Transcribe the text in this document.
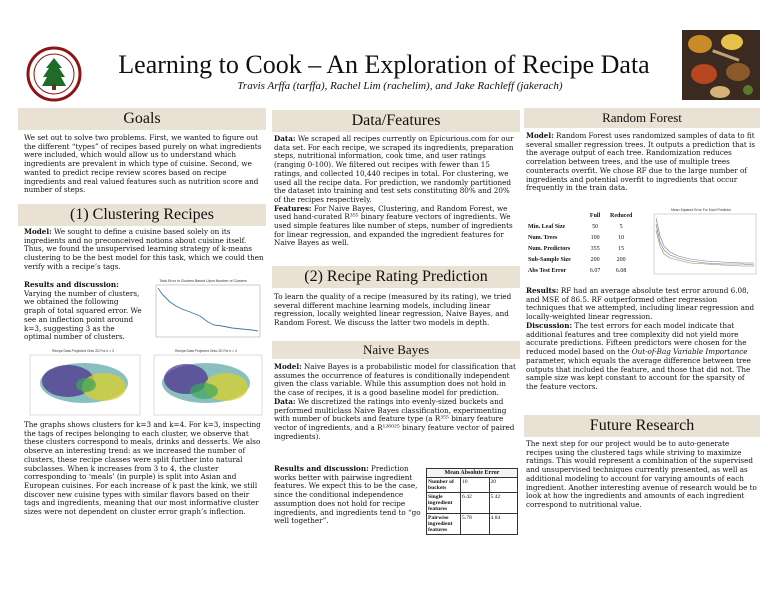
Learning to Cook – An Exploration of Recipe Data
Travis Arffa (tarffa), Rachel Lim (rachelim), and Jake Rachleff (jakerach)
Goals
We set out to solve two problems. First, we wanted to figure out the different “types” of recipes based purely on what ingredients were included, which would allow us to understand which ingredients are prevalent in which type of cuisine. Second, we wanted to predict recipe review scores based on recipe ingredients and real valued features such as nutrition score and number of steps.
(1) Clustering Recipes
Model: We sought to define a cuisine based solely on its ingredients and no preconceived notions about cuisine itself. Thus, we found the unsupervised learning strategy of k-means clustering to be the best model for this task, which we could then verify with a recipe’s tags.
Results and discussion:
Varying the number of clusters, we obtained the following graph of total squared error. We see an inflection point around k=3, suggesting 3 as the optimal number of clusters.
Total Error in Clusters Based Upon Number of Clusters
Recipe Data Projected Onto 2D For k = 3	Recipe Data Projected Onto 2D For k = 4
The graphs shows clusters for k=3 and k=4. For k=3, inspecting the tags of recipes belonging to each cluster, we observe that these clusters correspond to meals, drinks and desserts. We also observe an interesting trend: as we increased the number of clusters, these recipe classes were split further into natural subclasses. When k increases from 3 to 4, the cluster corresponding to ‘meals’ (in purple) is split into Asian and European cuisines. For each increase of k past the kink, we still discover new cuisine types with similar flavors based on their tags and ingredients, meaning that our most informative cluster sizes were not dependent on cluster error graph’s inflection.
Data/Features
Data: We scraped all recipes currently on Epicurious.com for our data set. For each recipe, we scraped its ingredients, preparation steps, nutritional information, cook time, and user ratings (ranging 0-100). We filtered out recipes with fewer than 15 ratings, and collected 10,440 recipes in total. For clustering, we used all the recipe data. For prediction, we randomly partitioned the dataset into training and test sets constituting 80% and 20% of the recipes respectively.
Features: For Naive Bayes, Clustering, and Random Forest, we used hand-curated R³⁵⁵ binary feature vectors of ingredients. We used simple features like number of steps, number of ingredients for linear regression, and expanded the ingredient features for Naive Bayes as well.
(2) Recipe Rating Prediction
To learn the quality of a recipe (measured by its rating), we tried several different machine learning models, including linear regression, locally weighted linear regression, Naive Bayes, and Random Forest. We discuss the latter two models in depth.
Naive Bayes
Model: Naive Bayes is a probabilistic model for classification that assumes the occurrence of features is conditionally independent given the class variable. While this assumption does not hold in the case of recipes, it is a good baseline model for prediction.
Data: We discretized the ratings into evenly-sized buckets and performed multiclass Naive Bayes classification, experimenting with number of buckets and feature type (a R³⁵⁵ binary feature vector of ingredients, and a R¹²⁶⁰²⁵ binary feature vector of paired ingredients).
Results and discussion: Prediction works better with pairwise ingredient features. We expect this to be the case, since the conditional independence assumption does not hold for recipe ingredients, and ingredients tend to “go well together”.
Mean Absolute Error
Number of buckets	10	20
Single ingredient features	6.42	5.42
Pairwise ingredient features	5.78	4.84
Random Forest
Model: Random Forest uses randomized samples of data to fit several smaller regression trees. It outputs a prediction that is the average output of each tree. Randomization reduces correlation between trees, and the use of multiple trees counteracts overfit. We chose RF due to the large number of ingredients and potential overfit to ingredients that occur frequently in the train data.
	Full	Reduced
Min. Leaf Size	50	5
Num. Trees	100	10
Num. Predictors	355	15
Sub-Sample Size	200	200
Abs Test Error	6.07	6.08
Mean Squared Error For Each Predictor
Results: RF had an average absolute test error around 6.08, and MSE of 86.5. RF outperformed other regression techniques that we attempted, including linear regression and locally-weighted linear regression.
Discussion: The test errors for each model indicate that additional features and tree complexity did not yield more accurate predictions. Fifteen predictors were chosen for the reduced model based on the Out-of-Bag Variable Importance parameter, which equals the average difference between tree outputs that included the feature, and those that did not. The sample size was kept constant to account for the sparsity of the feature vectors.
Future Research
The next step for our project would be to auto-generate recipes using the clustered tags while striving to maximize ratings. This would represent a combination of the supervised and unsupervised techniques currently presented, as well as additional modeling to account for varying amounts of each ingredient. Another interesting avenue of research would be to look at how the ingredients and amounts of each ingredient correspond to nutritional value.
